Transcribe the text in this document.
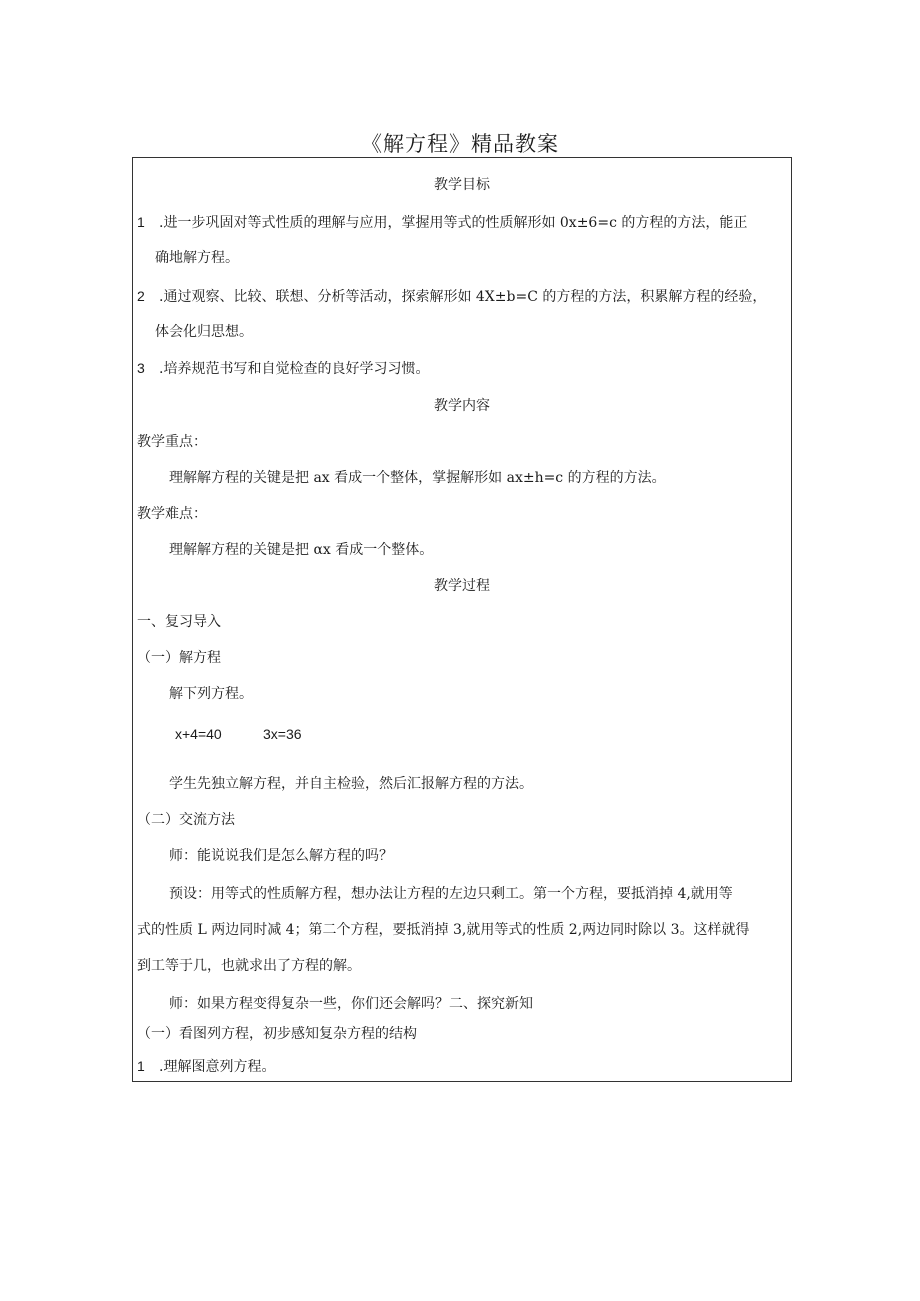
《解方程》精品教案
教学目标
1 .进一步巩固对等式性质的理解与应用，掌握用等式的性质解形如 0x±6=c 的方程的方法，能正
确地解方程。
2 .通过观察、比较、联想、分析等活动，探索解形如 4X±b=C 的方程的方法，积累解方程的经验，
体会化归思想。
3 .培养规范书写和自觉检查的良好学习习惯。
教学内容
教学重点：
理解解方程的关键是把 ax 看成一个整体，掌握解形如 ax±h=c 的方程的方法。
教学难点：
理解解方程的关键是把 αx 看成一个整体。
教学过程
一、复习导入
（一）解方程
解下列方程。
x+4=40	3x=36
学生先独立解方程，并自主检验，然后汇报解方程的方法。
（二）交流方法
师：能说说我们是怎么解方程的吗？
预设：用等式的性质解方程，想办法让方程的左边只剩工。第一个方程，要抵消掉 4,就用等
式的性质 L 两边同时减 4；第二个方程，要抵消掉 3,就用等式的性质 2,两边同时除以 3。这样就得
到工等于几，也就求出了方程的解。
师：如果方程变得复杂一些，你们还会解吗？二、探究新知
（一）看图列方程，初步感知复杂方程的结构
1 .理解图意列方程。
